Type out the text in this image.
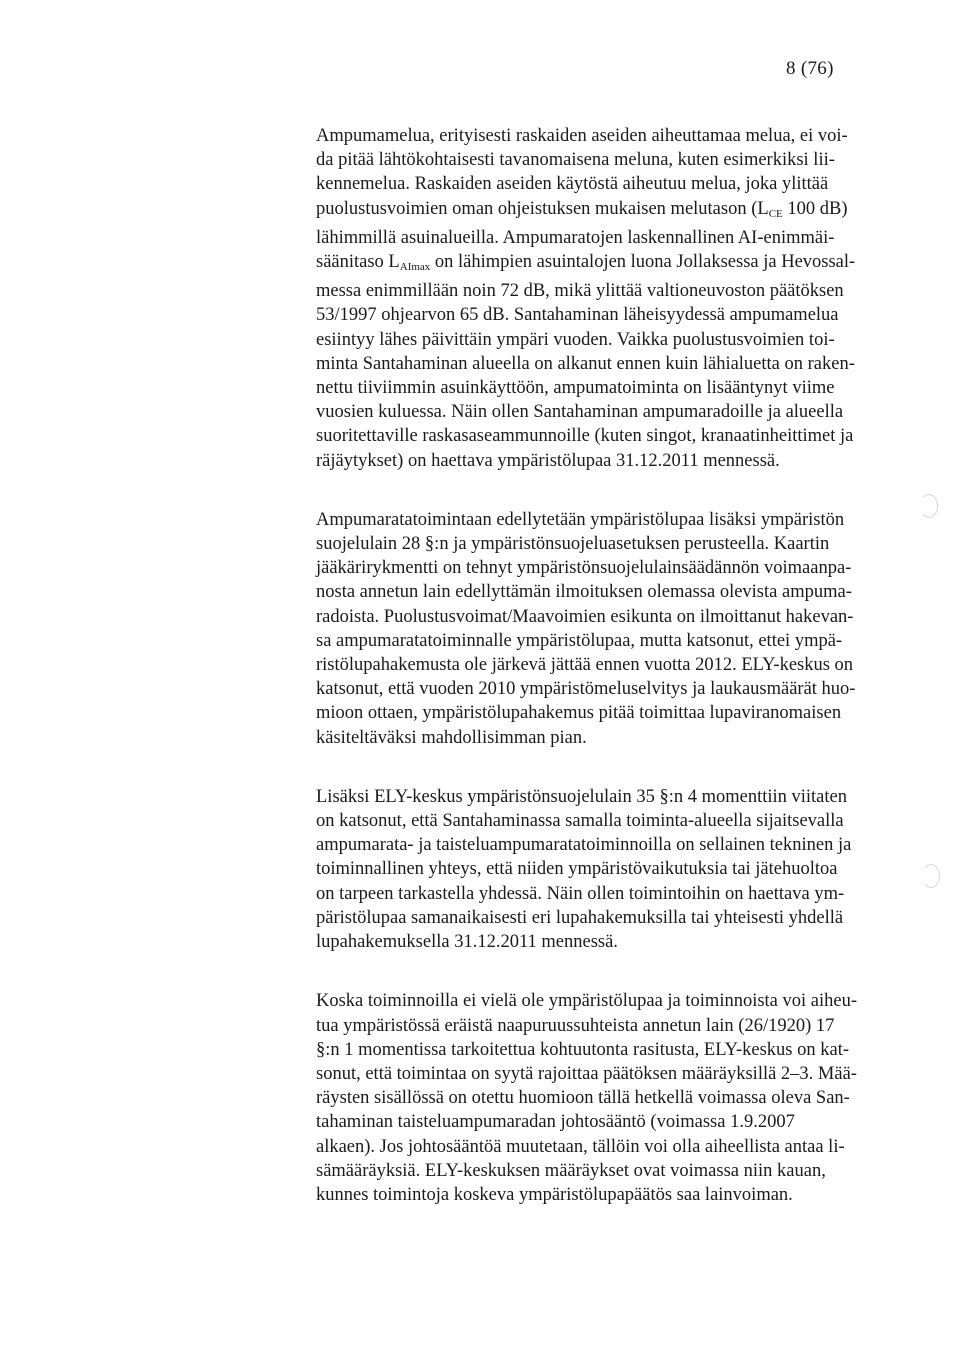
8 (76)

Ampumamelua, erityisesti raskaiden aseiden aiheuttamaa melua, ei voi-
da pitää lähtökohtaisesti tavanomaisena meluna, kuten esimerkiksi lii-
kennemelua. Raskaiden aseiden käytöstä aiheutuu melua, joka ylittää
puolustusvoimien oman ohjeistuksen mukaisen melutason ($L_{CE}$ 100 dB)
lähimmillä asuinalueilla. Ampumaratojen laskennallinen AI-enimmäi-
säänitaso $L_{AImax}$ on lähimpien asuintalojen luona Jollaksessa ja Hevossal-
messa enimmillään noin 72 dB, mikä ylittää valtioneuvoston päätöksen
53/1997 ohjearvon 65 dB. Santahaminan läheisyydessä ampumamelua
esiintyy lähes päivittäin ympäri vuoden. Vaikka puolustusvoimien toi-
minta Santahaminan alueella on alkanut ennen kuin lähialuetta on raken-
nettu tiiviimmin asuinkäyttöön, ampumatoiminta on lisääntynyt viime
vuosien kuluessa. Näin ollen Santahaminan ampumaradoille ja alueella
suoritettaville raskasaseammunnoille (kuten singot, kranaatinheittimet ja
räjäytykset) on haettava ympäristölupaa 31.12.2011 mennessä.

Ampumaratatoimintaan edellytetään ympäristölupaa lisäksi ympäristön
suojelulain 28 §:n ja ympäristönsuojeluasetuksen perusteella. Kaartin
jääkärirykmentti on tehnyt ympäristönsuojelulainsäädännön voimaanpa-
nosta annetun lain edellyttämän ilmoituksen olemassa olevista ampuma-
radoista. Puolustusvoimat/Maavoimien esikunta on ilmoittanut hakevan-
sa ampumaratatoiminnalle ympäristölupaa, mutta katsonut, ettei ympä-
ristölupahakemusta ole järkevä jättää ennen vuotta 2012. ELY-keskus on
katsonut, että vuoden 2010 ympäristömeluselvitys ja laukausmäärät huo-
mioon ottaen, ympäristölupahakemus pitää toimittaa lupaviranomaisen
käsiteltäväksi mahdollisimman pian.

Lisäksi ELY-keskus ympäristönsuojelulain 35 §:n 4 momenttiin viitaten
on katsonut, että Santahaminassa samalla toiminta-alueella sijaitsevalla
ampumarata- ja taisteluampumaratatoiminnoilla on sellainen tekninen ja
toiminnallinen yhteys, että niiden ympäristövaikutuksia tai jätehuoltoa
on tarpeen tarkastella yhdessä. Näin ollen toimintoihin on haettava ym-
päristölupaa samanaikaisesti eri lupahakemuksilla tai yhteisesti yhdellä
lupahakemuksella 31.12.2011 mennessä.

Koska toiminnoilla ei vielä ole ympäristölupaa ja toiminnoista voi aiheu-
tua ympäristössä eräistä naapuruussuhteista annetun lain (26/1920) 17
§:n 1 momentissa tarkoitettua kohtuutonta rasitusta, ELY-keskus on kat-
sonut, että toimintaa on syytä rajoittaa päätöksen määräyksillä 2–3. Mää-
räysten sisällössä on otettu huomioon tällä hetkellä voimassa oleva San-
tahaminan taisteluampumaradan johtosääntö (voimassa 1.9.2007
alkaen). Jos johtosääntöä muutetaan, tällöin voi olla aiheellista antaa li-
sämääräyksiä. ELY-keskuksen määräykset ovat voimassa niin kauan,
kunnes toimintoja koskeva ympäristölupapäätös saa lainvoiman.
